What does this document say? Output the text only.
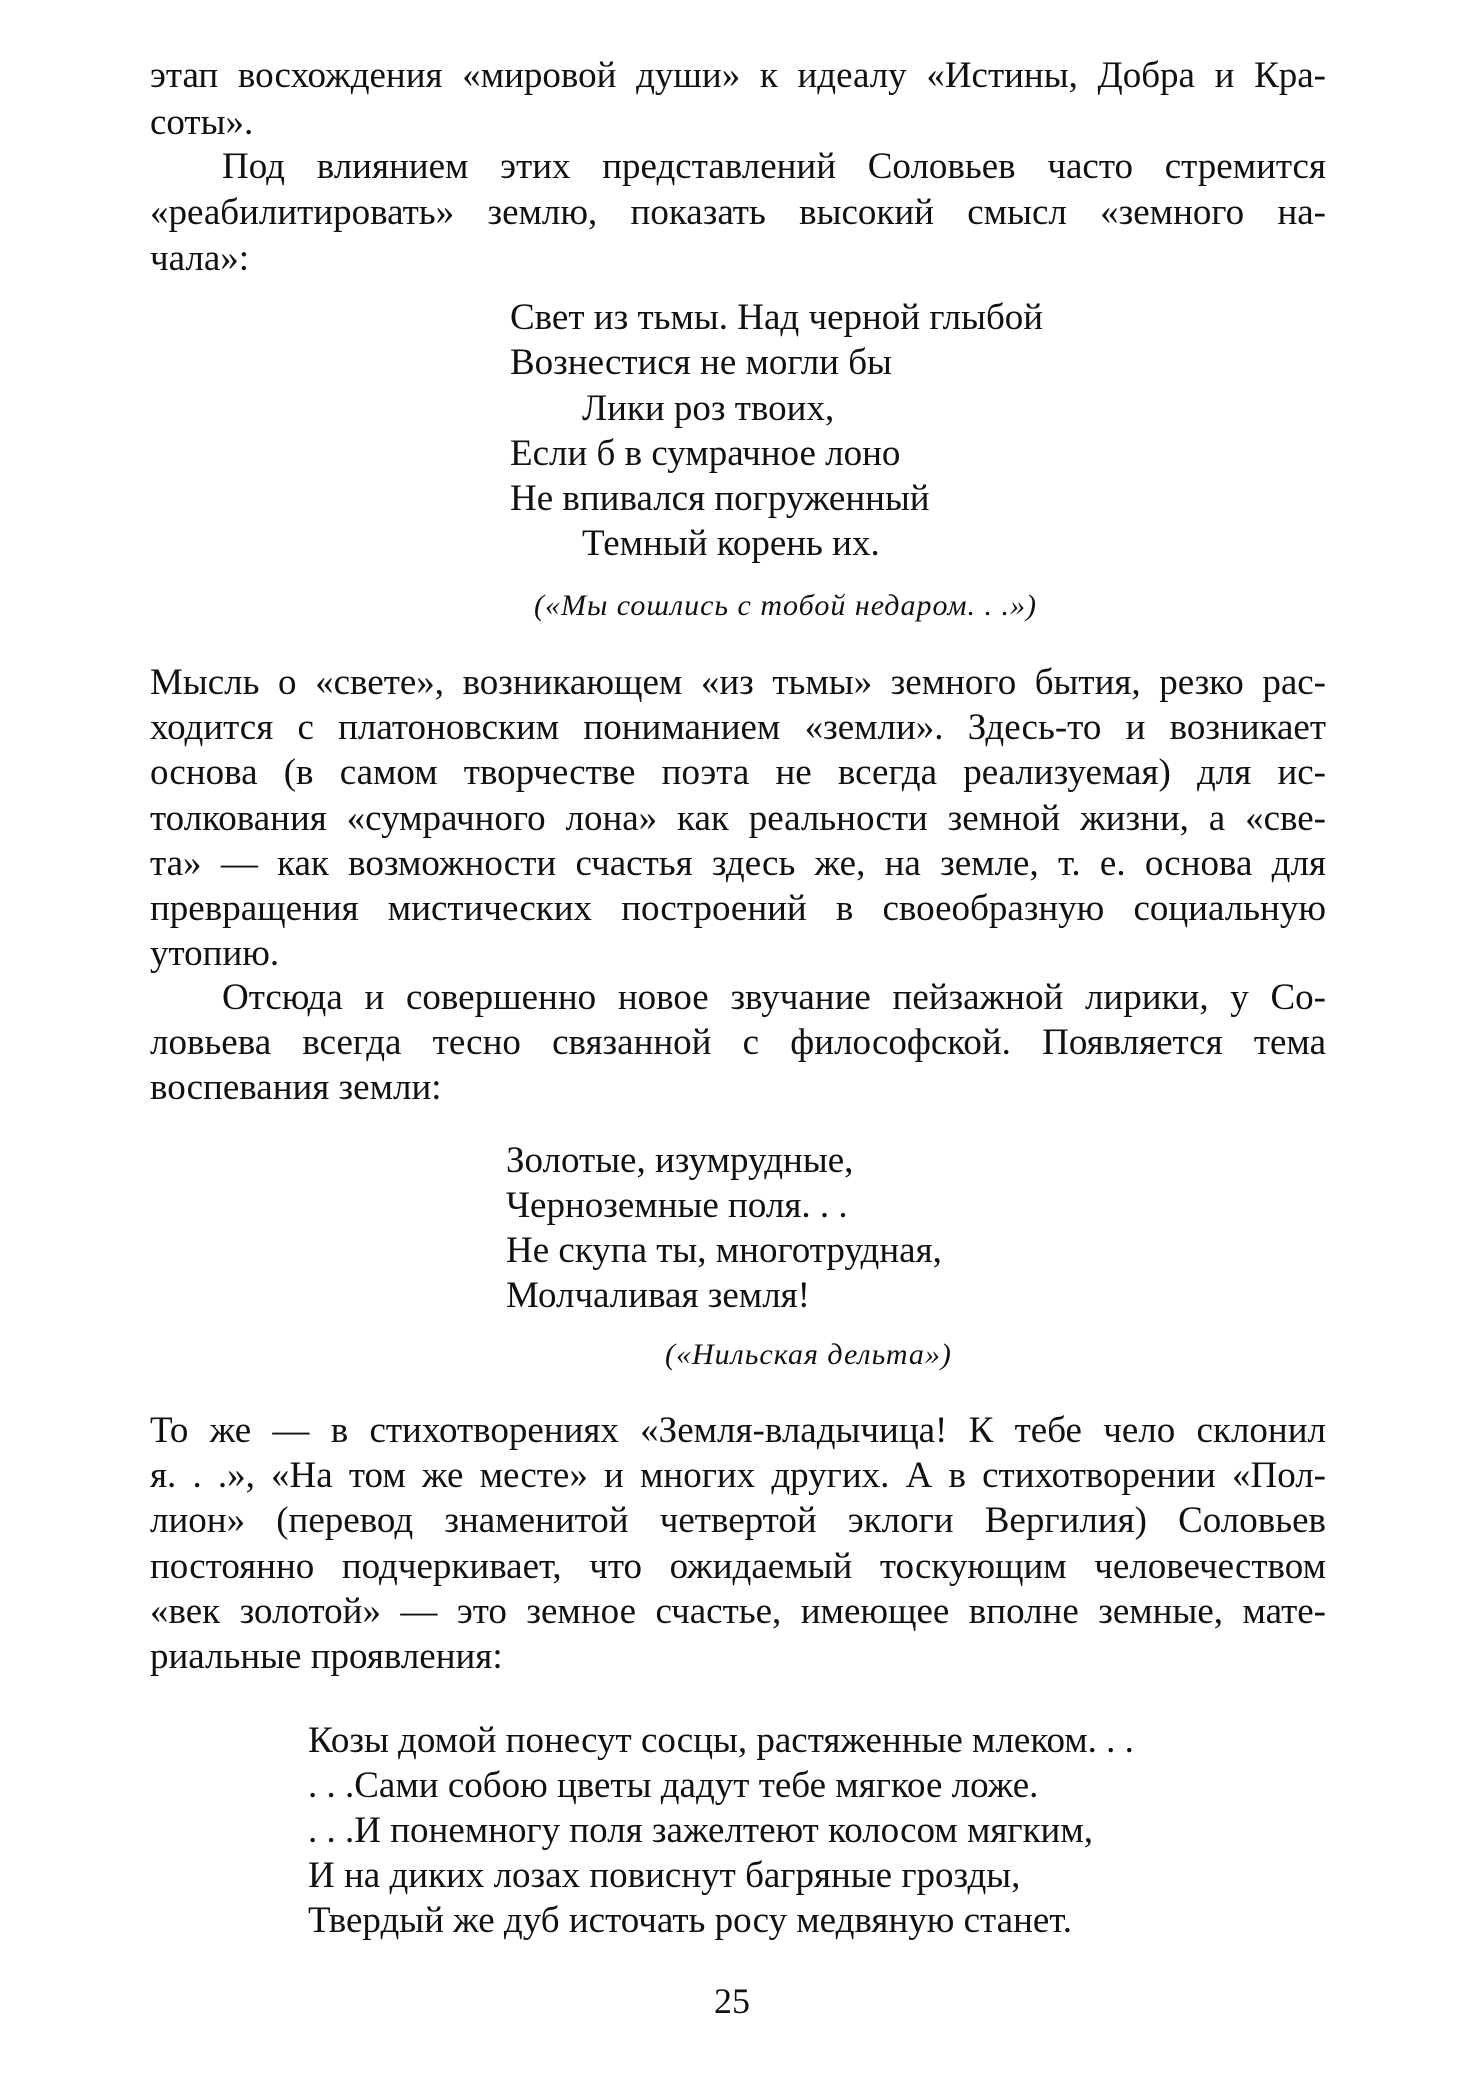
этап восхождения «мировой души» к идеалу «Истины, Добра и Кра-
соты».
Под влиянием этих представлений Соловьев часто стремится
«реабилитировать» землю, показать высокий смысл «земного на-
чала»:
Свет из тьмы. Над черной глыбой
Вознестися не могли бы
Лики роз твоих,
Если б в сумрачное лоно
Не впивался погруженный
Темный корень их.
(«Мы сошлись с тобой недаром. . .»)
Мысль о «свете», возникающем «из тьмы» земного бытия, резко рас-
ходится с платоновским пониманием «земли». Здесь-то и возникает
основа (в самом творчестве поэта не всегда реализуемая) для ис-
толкования «сумрачного лона» как реальности земной жизни, а «све-
та» — как возможности счастья здесь же, на земле, т. е. основа для
превращения мистических построений в своеобразную социальную
утопию.
Отсюда и совершенно новое звучание пейзажной лирики, у Со-
ловьева всегда тесно связанной с философской. Появляется тема
воспевания земли:
Золотые, изумрудные,
Черноземные поля. . .
Не скупа ты, многотрудная,
Молчаливая земля!
(«Нильская дельта»)
То же — в стихотворениях «Земля-владычица! К тебе чело склонил
я. . .», «На том же месте» и многих других. А в стихотворении «Пол-
лион» (перевод знаменитой четвертой эклоги Вергилия) Соловьев
постоянно подчеркивает, что ожидаемый тоскующим человечеством
«век золотой» — это земное счастье, имеющее вполне земные, мате-
риальные проявления:
Козы домой понесут сосцы, растяженные млеком. . .
. . .Сами собою цветы дадут тебе мягкое ложе.
. . .И понемногу поля зажелтеют колосом мягким,
И на диких лозах повиснут багряные грозды,
Твердый же дуб источать росу медвяную станет.
25
